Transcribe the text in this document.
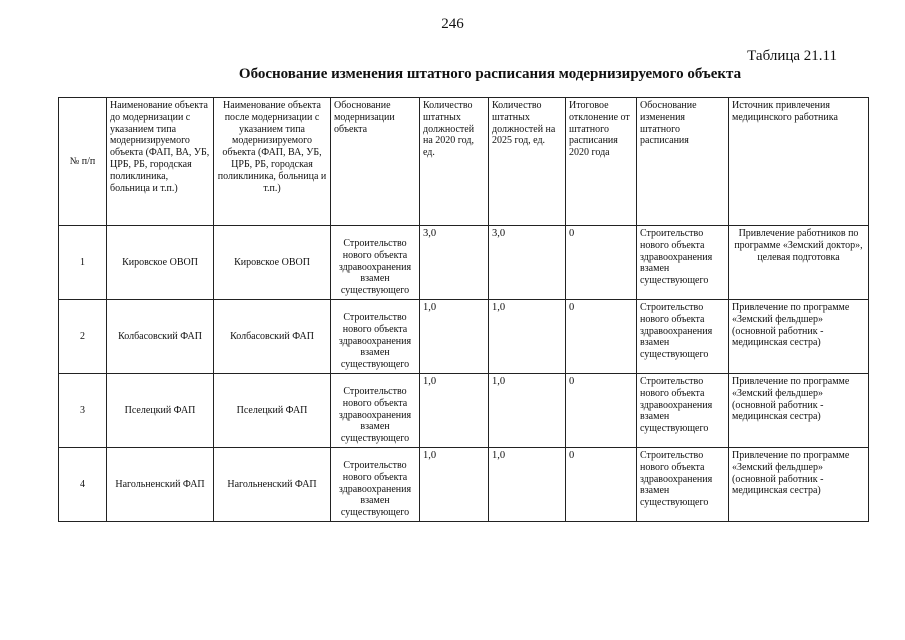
246
Таблица 21.11
Обоснование изменения штатного расписания модернизируемого объекта
№ п/п	Наименование объекта до модернизации с указанием типа модернизируемого объекта (ФАП, ВА, УБ, ЦРБ, РБ, городская поликлиника, больница и т.п.)	Наименование объекта после модернизации с указанием типа модернизируемого объекта (ФАП, ВА, УБ, ЦРБ, РБ, городская поликлиника, больница и т.п.)	Обоснование модернизации объекта	Количество штатных должностей на 2020 год, ед.	Количество штатных должностей на 2025 год, ед.	Итоговое отклонение от штатного расписания 2020 года	Обоснование изменения штатного расписания	Источник привлечения медицинского работника
1	Кировское ОВОП	Кировское ОВОП	Строительство нового объекта здравоохранения взамен существующего	3,0	3,0	0	Строительство нового объекта здравоохранения взамен существующего	Привлечение работников по программе «Земский доктор», целевая подготовка
2	Колбасовский ФАП	Колбасовский ФАП	Строительство нового объекта здравоохранения взамен существующего	1,0	1,0	0	Строительство нового объекта здравоохранения взамен существующего	Привлечение по программе «Земский фельдшер» (основной работник - медицинская сестра)
3	Пселецкий ФАП	Пселецкий ФАП	Строительство нового объекта здравоохранения взамен существующего	1,0	1,0	0	Строительство нового объекта здравоохранения взамен существующего	Привлечение по программе «Земский фельдшер» (основной работник - медицинская сестра)
4	Нагольненский ФАП	Нагольненский ФАП	Строительство нового объекта здравоохранения взамен существующего	1,0	1,0	0	Строительство нового объекта здравоохранения взамен существующего	Привлечение по программе «Земский фельдшер» (основной работник - медицинская сестра)
